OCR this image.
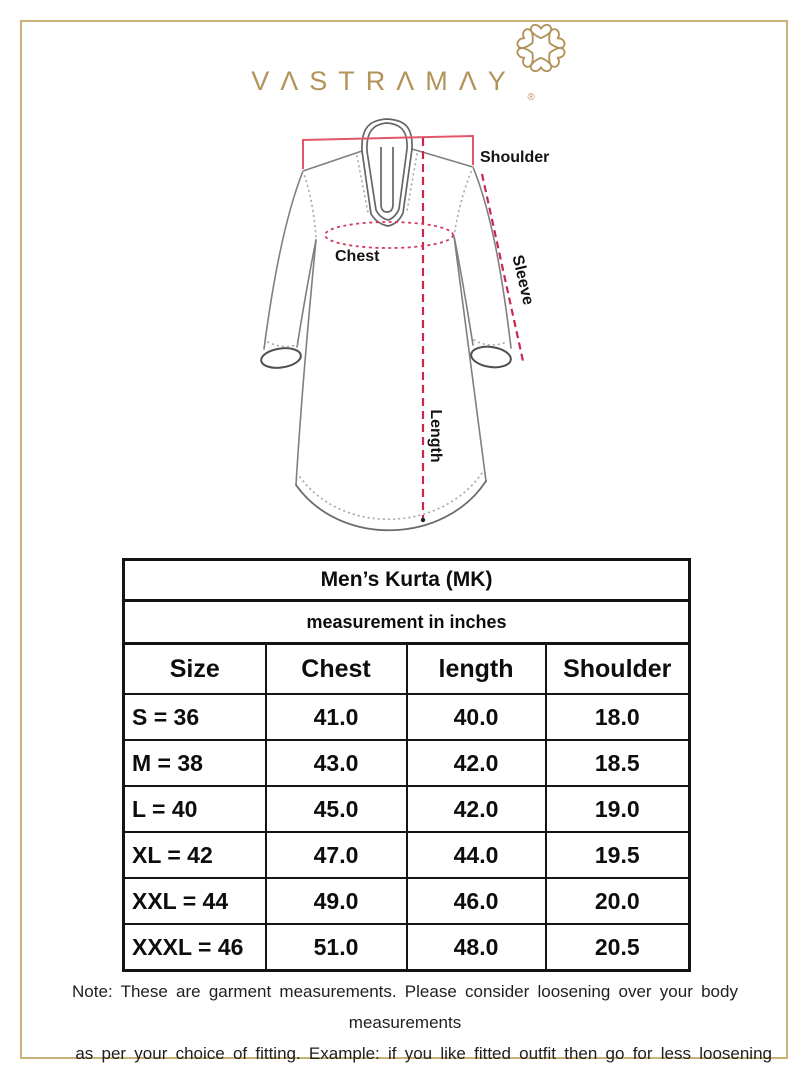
VΛSTRΛMΛY
®
Shoulder
Chest	Sleeve
Length
Men’s Kurta (MK)			
measurement in inches			
Size	Chest	length	Shoulder
S = 36	41.0	40.0	18.0
M = 38	43.0	42.0	18.5
L = 40	45.0	42.0	19.0
XL = 42	47.0	44.0	19.5
XXL = 44	49.0	46.0	20.0
XXXL = 46	51.0	48.0	20.5
Note: These are garment measurements. Please consider loosening over your body measurements
as per your choice of fitting. Example: if you like fitted outfit then go for less loosening
